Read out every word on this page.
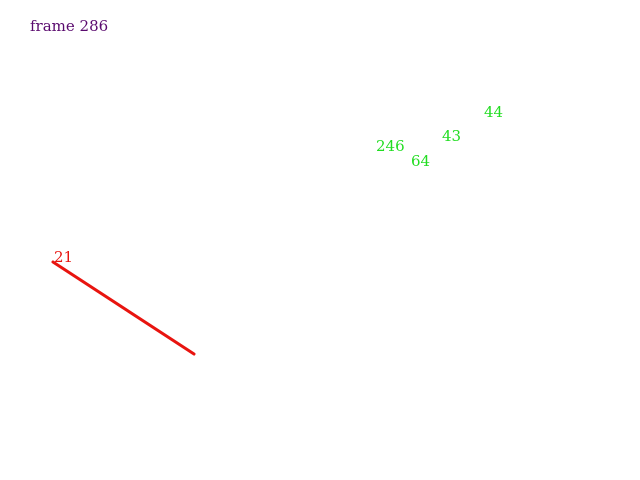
frame 286
21
44
43
246
64
